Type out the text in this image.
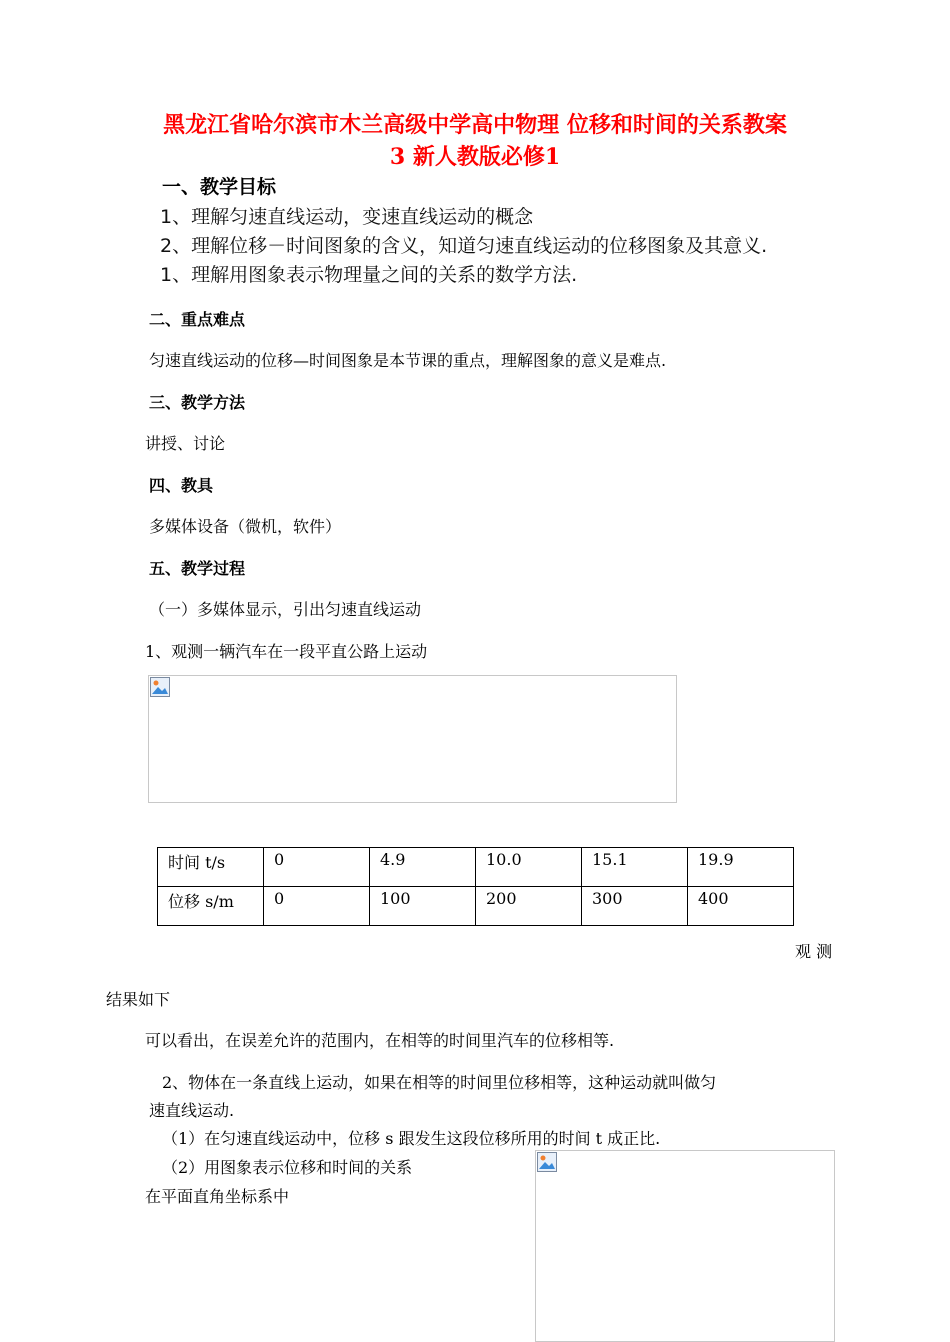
黑龙江省哈尔滨市木兰高级中学高中物理 位移和时间的关系教案
3 新人教版必修1
一、教学目标
1、理解匀速直线运动，变速直线运动的概念
2、理解位移－时间图象的含义，知道匀速直线运动的位移图象及其意义.
1、理解用图象表示物理量之间的关系的数学方法.
二、重点难点
匀速直线运动的位移—时间图象是本节课的重点，理解图象的意义是难点.
三、教学方法
讲授、讨论
四、教具
多媒体设备（微机，软件）
五、教学过程
（一）多媒体显示，引出匀速直线运动
1、观测一辆汽车在一段平直公路上运动
时间 t/s	0	4.9	10.0	15.1	19.9
位移 s/m	0	100	200	300	400
观 测
结果如下
可以看出，在误差允许的范围内，在相等的时间里汽车的位移相等.
2、物体在一条直线上运动，如果在相等的时间里位移相等，这种运动就叫做匀
速直线运动.
（1）在匀速直线运动中，位移 s 跟发生这段位移所用的时间 t 成正比.
（2）用图象表示位移和时间的关系
在平面直角坐标系中
